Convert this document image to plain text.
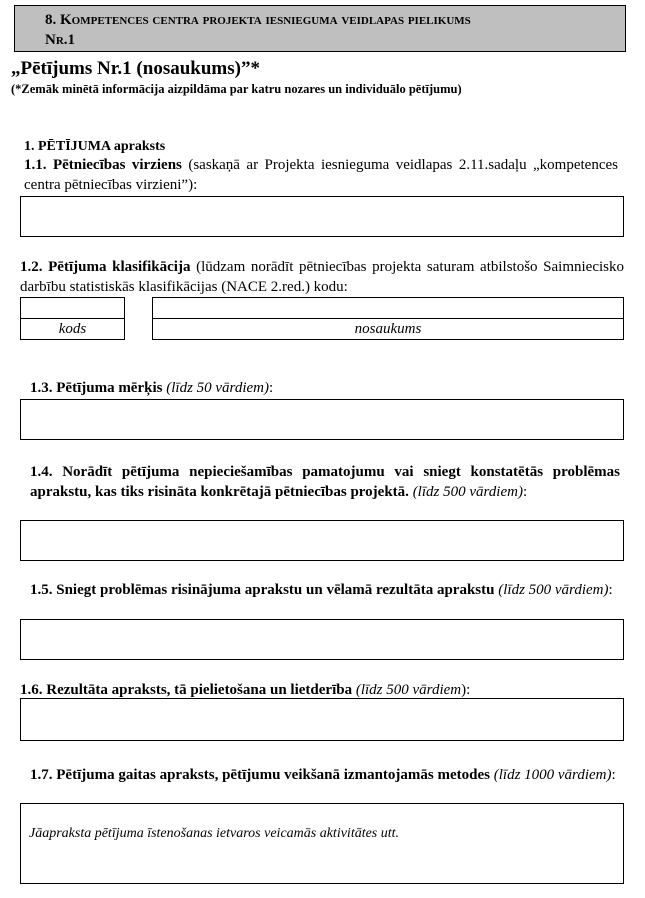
8. Kompetences centra projekta iesnieguma veidlapas pielikums
Nr.1
„Pētījums Nr.1 (nosaukums)”*
(*Zemāk minētā informācija aizpildāma par katru nozares un individuālo pētījumu)
1. PĒTĪJUMA apraksts
1.1. Pētniecības virziens (saskaņā ar Projekta iesnieguma veidlapas 2.11.sadaļu „kompetences centra pētniecības virzieni”):
1.2. Pētījuma klasifikācija (lūdzam norādīt pētniecības projekta saturam atbilstošo Saimniecisko darbību statistiskās klasifikācijas (NACE 2.red.) kodu:
kods	nosaukums
1.3. Pētījuma mērķis (līdz 50 vārdiem):
1.4. Norādīt pētījuma nepieciešamības pamatojumu vai sniegt konstatētās problēmas aprakstu, kas tiks risināta konkrētajā pētniecības projektā. (līdz 500 vārdiem):
1.5. Sniegt problēmas risinājuma aprakstu un vēlamā rezultāta aprakstu (līdz 500 vārdiem):
1.6. Rezultāta apraksts, tā pielietošana un lietderība (līdz 500 vārdiem):
1.7. Pētījuma gaitas apraksts, pētījumu veikšanā izmantojamās metodes (līdz 1000 vārdiem):
Jāapraksta pētījuma īstenošanas ietvaros veicamās aktivitātes utt.
